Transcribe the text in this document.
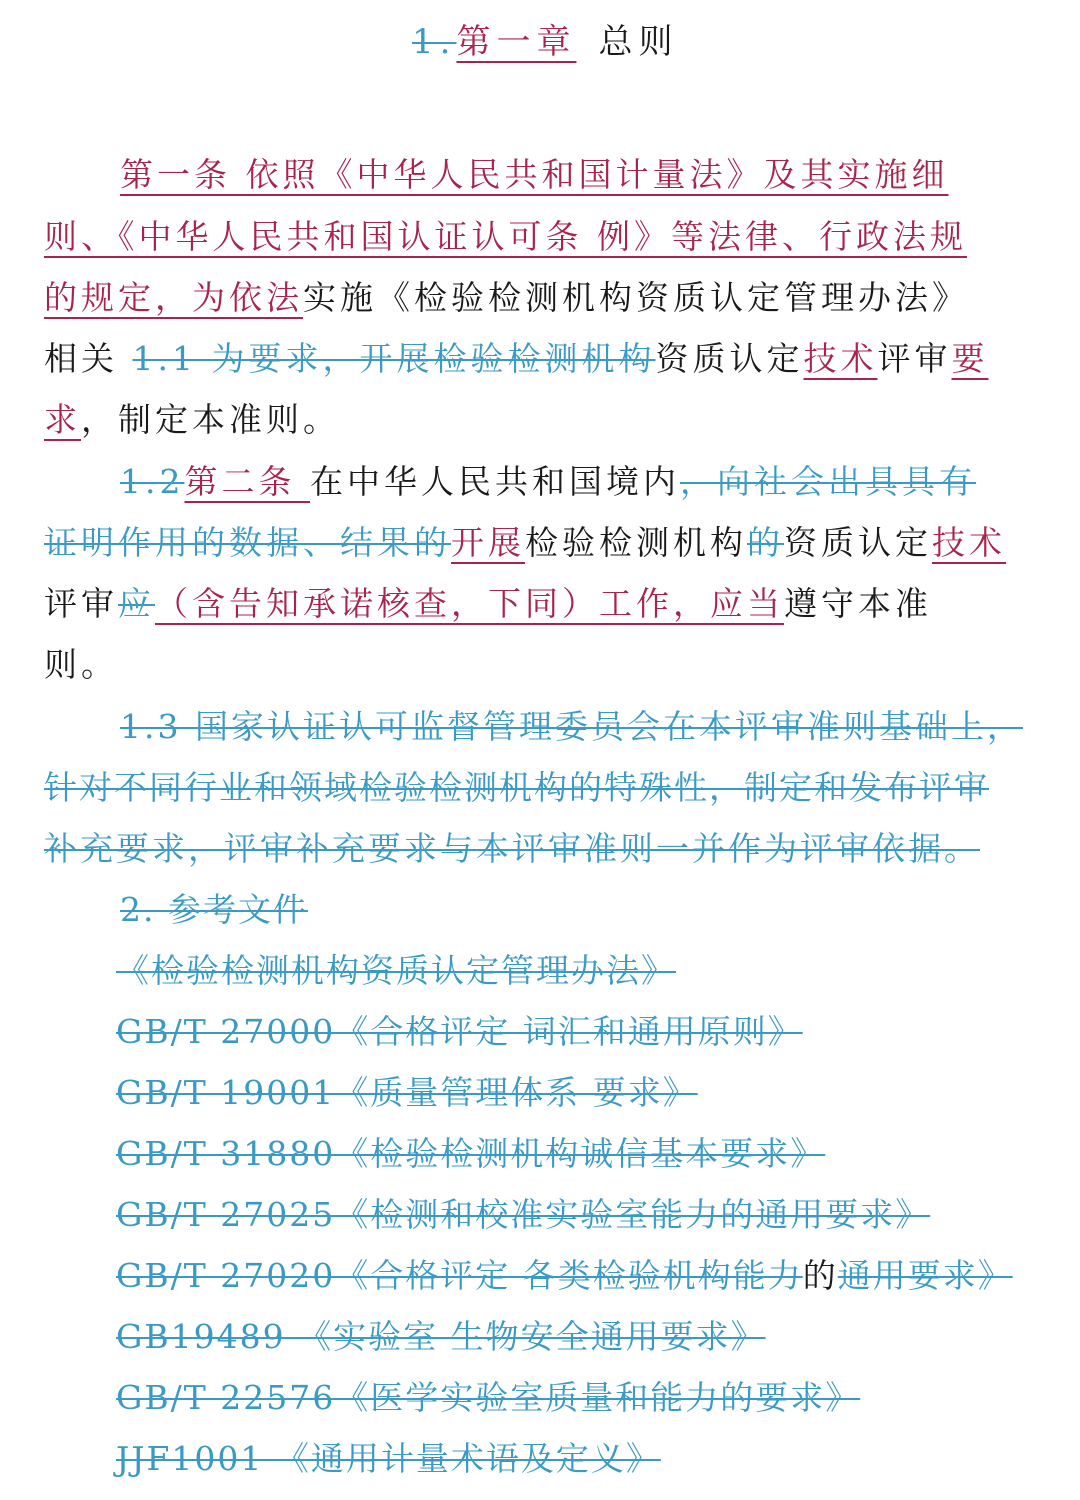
1.第一章 总则
第一条 依照《中华人民共和国计量法》及其实施细
则、《中华人民共和国认证认可条 例》等法律、行政法规
的规定，为依法实施《检验检测机构资质认定管理办法》
相关 1.1 为要求，开展检验检测机构资质认定技术评审要
求，制定本准则。
1.2第二条 在中华人民共和国境内，向社会出具具有
证明作用的数据、结果的开展检验检测机构的资质认定技术
评审应（含告知承诺核查，下同）工作，应当遵守本准
则。
1.3 国家认证认可监督管理委员会在本评审准则基础上，
针对不同行业和领域检验检测机构的特殊性，制定和发布评审
补充要求，评审补充要求与本评审准则一并作为评审依据。
2. 参考文件
《检验检测机构资质认定管理办法》
GB/T 27000《合格评定 词汇和通用原则》
GB/T 19001《质量管理体系 要求》
GB/T 31880《检验检测机构诚信基本要求》
GB/T 27025《检测和校准实验室能力的通用要求》
GB/T 27020《合格评定 各类检验机构能力的通用要求》
GB19489 《实验室 生物安全通用要求》
GB/T 22576《医学实验室质量和能力的要求》
JJF1001 《通用计量术语及定义》
